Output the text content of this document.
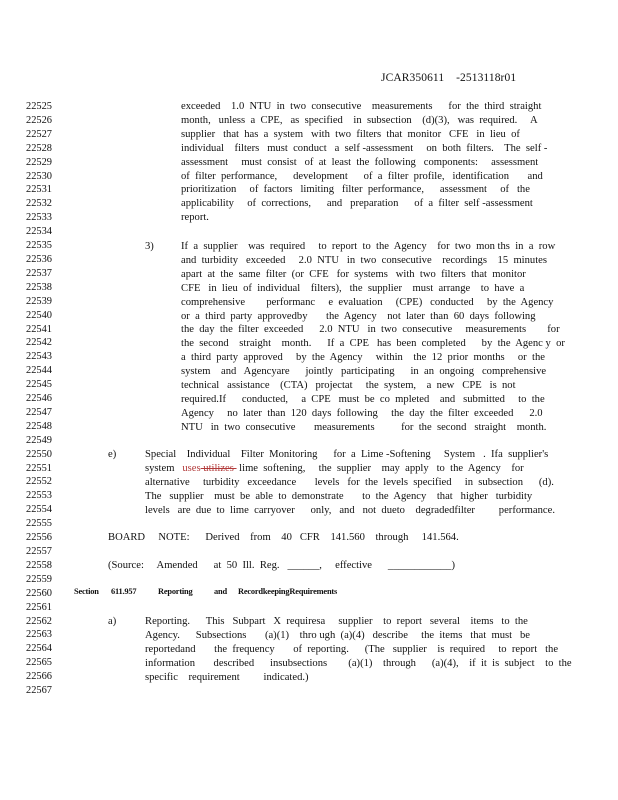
JCAR350611    -2513118r01
22525
22526
22527
22528
22529
22530
22531
22532
22533
22534
22535
22536
22537
22538
22539
22540
22541
22542
22543
22544
22545
22546
22547
22548
22549
22550
22551
22552
22553
22554
22555
22556
22557
22558
22559
22560
22561
22562
22563
22564
22565
22566
22567
exceeded    1.0  NTU  in  two  consecutive    measurements      for  the  third  straight
month,   unless  a  CPE,   as  specified    in  subsection    (d)(3),   was  required.     A
supplier   that  has  a  system   with  two  filters  that  monitor   CFE   in  lieu  of
individual    filters   must  conduct   a  self -assessment     on  both  filters.    The  self -
assessment     must  consist   of  at  least  the  following   components:     assessment
of  filter  performance,      development      of  a  filter  profile,   identification       and
prioritization     of  factors   limiting   filter  performance,      assessment     of   the
applicability     of  corrections,      and   preparation      of  a  filter  self -assessment
report.
3)	If  a  supplier    was  required     to  report  to  the  Agency    for  two  mon ths  in  a  row
and  turbidity   exceeded     2.0  NTU   in  two  consecutive    recordings    15  minutes
apart  at  the  same  filter  (or  CFE   for  systems   with  two  filters  that  monitor
CFE   in  lieu  of  individual    filters),   the  supplier    must  arrange    to  have  a
comprehensive        performanc     e  evaluation     (CPE)   conducted     by  the  Agency
or  a  third  party  approvedby       the  Agency    not  later  than  60  days  following
the  day  the  filter  exceeded      2.0  NTU   in  two  consecutive     measurements        for
the  second    straight    month.      If  a  CPE   has  been  completed      by  the  Agenc y  or
a  third  party  approved     by  the  Agency     within    the  12  prior  months     or  the
system    and   Agencyare      jointly   participating      in  an  ongoing   comprehensive
technical   assistance    (CTA)   projectat     the  system,    a  new   CPE   is  not
required.If      conducted,     a  CPE   must  be  co  mpleted    and   submitted     to  the
Agency     no  later  than  120  days  following     the  day  the  filter  exceeded      2.0
NTU   in  two  consecutive       measurements          for  the  second   straight    month.
e)	Special    Individual    Filter  Monitoring      for  a  Lime -Softening     System   .  Ifa  supplier's
system   uses utilizes  lime  softening,     the  supplier    may  apply   to  the  Agency    for
alternative     turbidity   exceedance       levels   for  the  levels  specified     in  subsection      (d).
The   supplier    must  be  able  to  demonstrate       to  the  Agency    that   higher   turbidity
levels   are  due  to  lime  carryover      only,   and   not  dueto    degradedfilter         performance.
BOARD     NOTE:      Derived    from    40   CFR    141.560    through     141.564.
(Source:     Amended      at  50  Ill.  Reg.   ______,     effective      ____________)
Section 611.957	Reporting	and RecordkeepingRequirements
a)	Reporting.      This   Subpart   X  requiresa     supplier    to  report   several    items   to  the
Agency.      Subsections       (a)(1)    thro ugh  (a)(4)   describe     the  items   that  must   be
reportedand       the  frequency       of  reporting.      (The   supplier    is  required     to  report   the
information       described      insubsections        (a)(1)    through      (a)(4),    if  it  is  subject    to  the
specific    requirement         indicated.)
